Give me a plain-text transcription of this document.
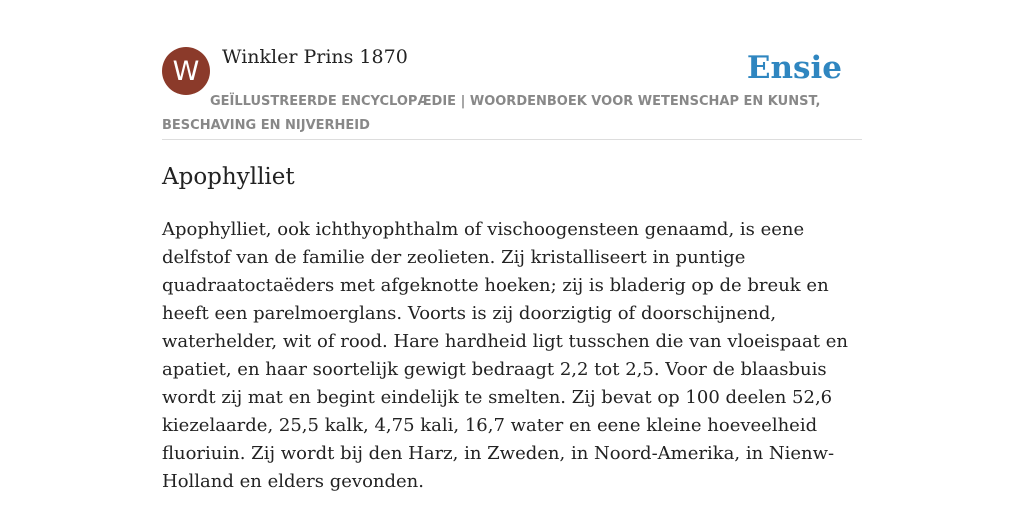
W Winkler Prins 1870	Ensie
GEÏLLUSTREERDE ENCYCLOPÆDIE | WOORDENBOEK VOOR WETENSCHAP EN KUNST, BESCHAVING EN NIJVERHEID
Apophylliet

Apophylliet, ook ichthyophthalm of vischoogensteen genaamd, is eene delfstof van de familie der zeolieten. Zij kristalliseert in puntige quadraatoctaëders met afgeknotte hoeken; zij is bladerig op de breuk en heeft een parelmoerglans. Voorts is zij doorzigtig of doorschijnend, waterhelder, wit of rood. Hare hardheid ligt tusschen die van vloeispaat en apatiet, en haar soortelijk gewigt bedraagt 2,2 tot 2,5. Voor de blaasbuis wordt zij mat en begint eindelijk te smelten. Zij bevat op 100 deelen 52,6 kiezelaarde, 25,5 kalk, 4,75 kali, 16,7 water en eene kleine hoeveelheid fluoriuin. Zij wordt bij den Harz, in Zweden, in Noord-Amerika, in Nienw-Holland en elders gevonden.
